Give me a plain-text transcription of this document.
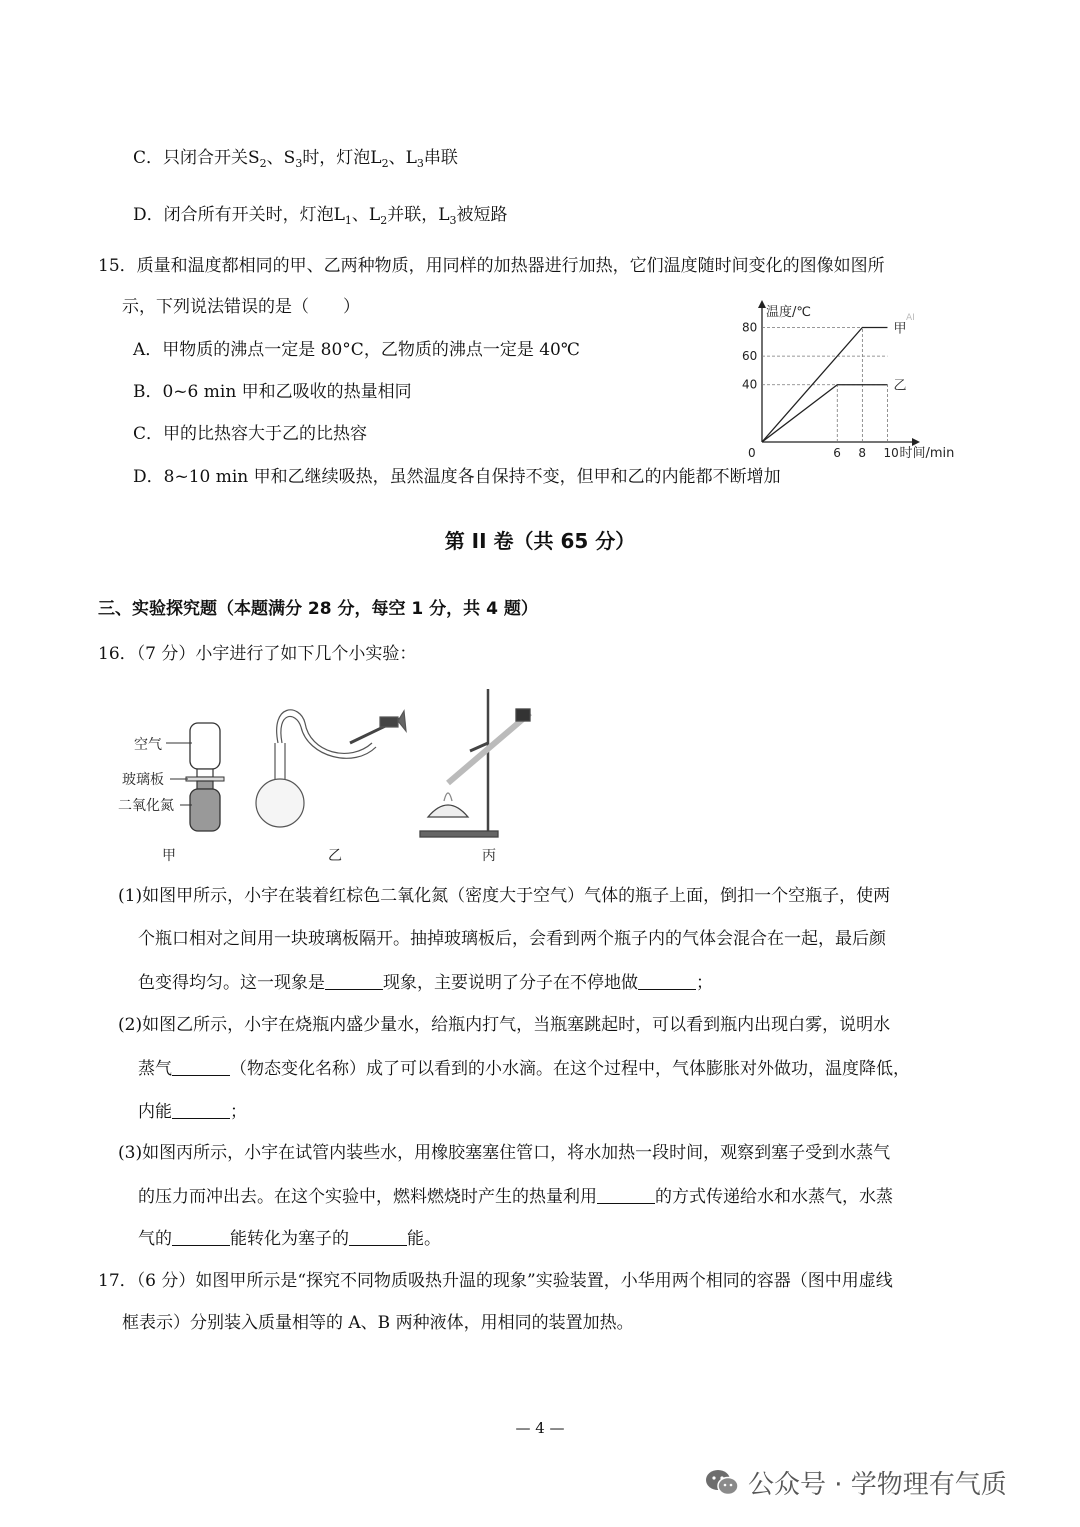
C．只闭合开关$S_2$、$S_3$时，灯泡$L_2$、$L_3$串联
D．闭合所有开关时，灯泡$L_1$、$L_2$并联，$L_3$被短路
15．质量和温度都相同的甲、乙两种物质，用同样的加热器进行加热，它们温度随时间变化的图像如图所
示，下列说法错误的是（　　）
A．甲物质的沸点一定是 80°C，乙物质的沸点一定是 40℃
B．0~6 min 甲和乙吸收的热量相同
C．甲的比热容大于乙的比热容
D．8~10 min 甲和乙继续吸热，虽然温度各自保持不变，但甲和乙的内能都不断增加
温度/℃
时间/min
0
AI
40
60
80
6 8 10
甲
乙
第 II 卷（共 65 分）
三、实验探究题（本题满分 28 分，每空 1 分，共 4 题）
16．（7 分）小宇进行了如下几个小实验：
空气
玻璃板
二氧化氮
甲	乙	丙
(1)如图甲所示，小宇在装着红棕色二氧化氮（密度大于空气）气体的瓶子上面，倒扣一个空瓶子，使两
个瓶口相对之间用一块玻璃板隔开。抽掉玻璃板后，会看到两个瓶子内的气体会混合在一起，最后颜
色变得均匀。这一现象是	现象，主要说明了分子在不停地做	；
(2)如图乙所示，小宇在烧瓶内盛少量水，给瓶内打气，当瓶塞跳起时，可以看到瓶内出现白雾，说明水
蒸气	（物态变化名称）成了可以看到的小水滴。在这个过程中，气体膨胀对外做功，温度降低，
内能	；
(3)如图丙所示，小宇在试管内装些水，用橡胶塞塞住管口，将水加热一段时间，观察到塞子受到水蒸气
的压力而冲出去。在这个实验中，燃料燃烧时产生的热量利用	的方式传递给水和水蒸气，水蒸
气的	能转化为塞子的	能。
17．（6 分）如图甲所示是“探究不同物质吸热升温的现象”实验装置，小华用两个相同的容器（图中用虚线
框表示）分别装入质量相等的 A、B 两种液体，用相同的装置加热。
— 4 —
公众号 · 学物理有气质
